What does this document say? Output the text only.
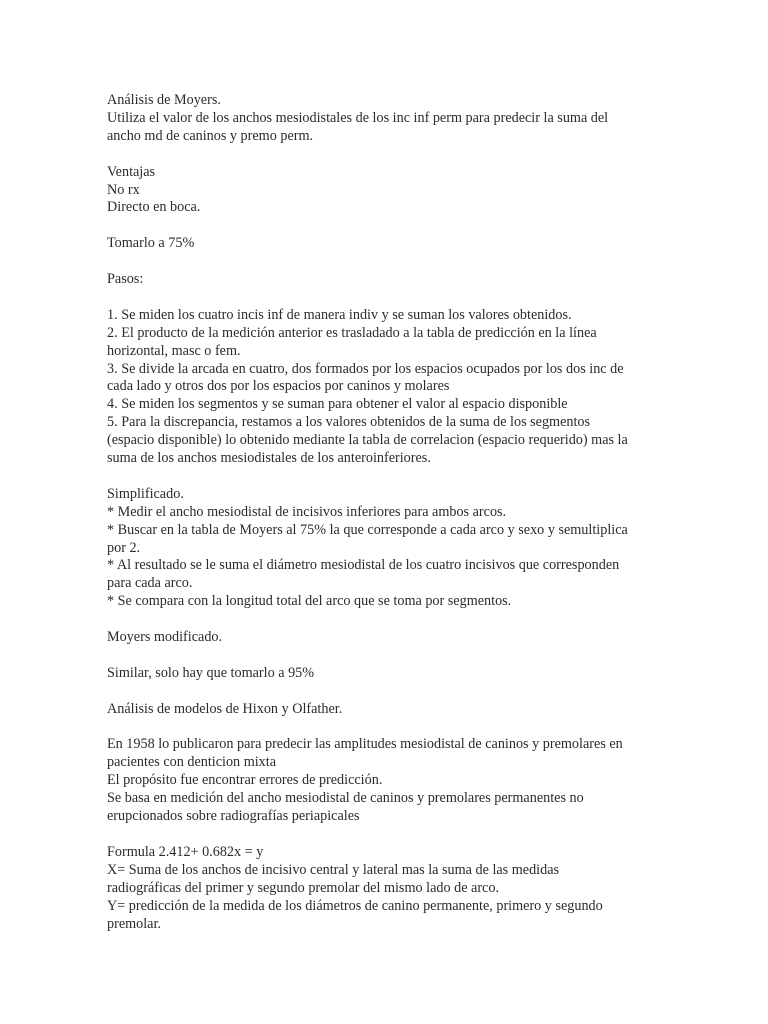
Análisis de Moyers.
Utiliza el valor de los anchos mesiodistales de los inc inf perm para predecir la suma del
ancho md de caninos y premo perm.
Ventajas
No rx
Directo en boca.
Tomarlo a 75%
Pasos:
1. Se miden los cuatro incis inf de manera indiv y se suman los valores obtenidos.
2. El producto de la medición anterior es trasladado a la tabla de predicción en la línea
horizontal, masc o fem.
3. Se divide la arcada en cuatro, dos formados por los espacios ocupados por los dos inc de
cada lado y otros dos por los espacios por caninos y molares
4. Se miden los segmentos y se suman para obtener el valor al espacio disponible
5. Para la discrepancia, restamos a los valores obtenidos de la suma de los segmentos
(espacio disponible) lo obtenido mediante la tabla de correlacion (espacio requerido) mas la
suma de los anchos mesiodistales de los anteroinferiores.
Simplificado.
* Medir el ancho mesiodistal de incisivos inferiores para ambos arcos.
* Buscar en la tabla de Moyers al 75% la que corresponde a cada arco y sexo y semultiplica
por 2.
* Al resultado se le suma el diámetro mesiodistal de los cuatro incisivos que corresponden
para cada arco.
* Se compara con la longitud total del arco que se toma por segmentos.
Moyers modificado.
Similar, solo hay que tomarlo a 95%
Análisis de modelos de Hixon y Olfather.
En 1958 lo publicaron para predecir las amplitudes mesiodistal de caninos y premolares en
pacientes con denticion mixta
El propósito fue encontrar errores de predicción.
Se basa en medición del ancho mesiodistal de caninos y premolares permanentes no
erupcionados sobre radiografías periapicales
Formula 2.412+ 0.682x = y
X= Suma de los anchos de incisivo central y lateral mas la suma de las medidas
radiográficas del primer y segundo premolar del mismo lado de arco.
Y= predicción de la medida de los diámetros de canino permanente, primero y segundo
premolar.
